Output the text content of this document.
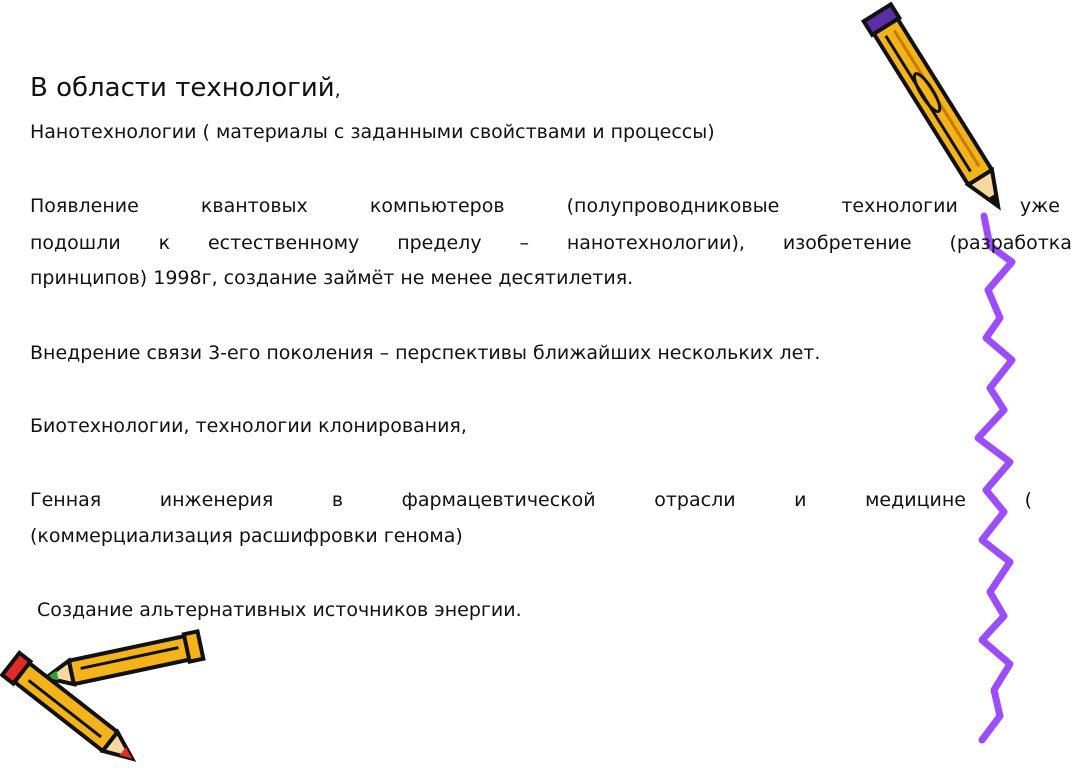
В области технологий,
Нанотехнологии ( материалы с заданными свойствами и процессы)
Появление	квантовых	компьютеров	(полупроводниковые	технологии	уже
подошли к естественному пределу – нанотехнологии), изобретение (разработка
принципов) 1998г, создание займёт не менее десятилетия.
Внедрение связи 3-его поколения – перспективы ближайших нескольких лет.
Биотехнологии, технологии клонирования,
Генная	инженерия	в	фармацевтической	отрасли	и	медицине	(
(коммерциализация расшифровки генома)
Создание альтернативных источников энергии.
